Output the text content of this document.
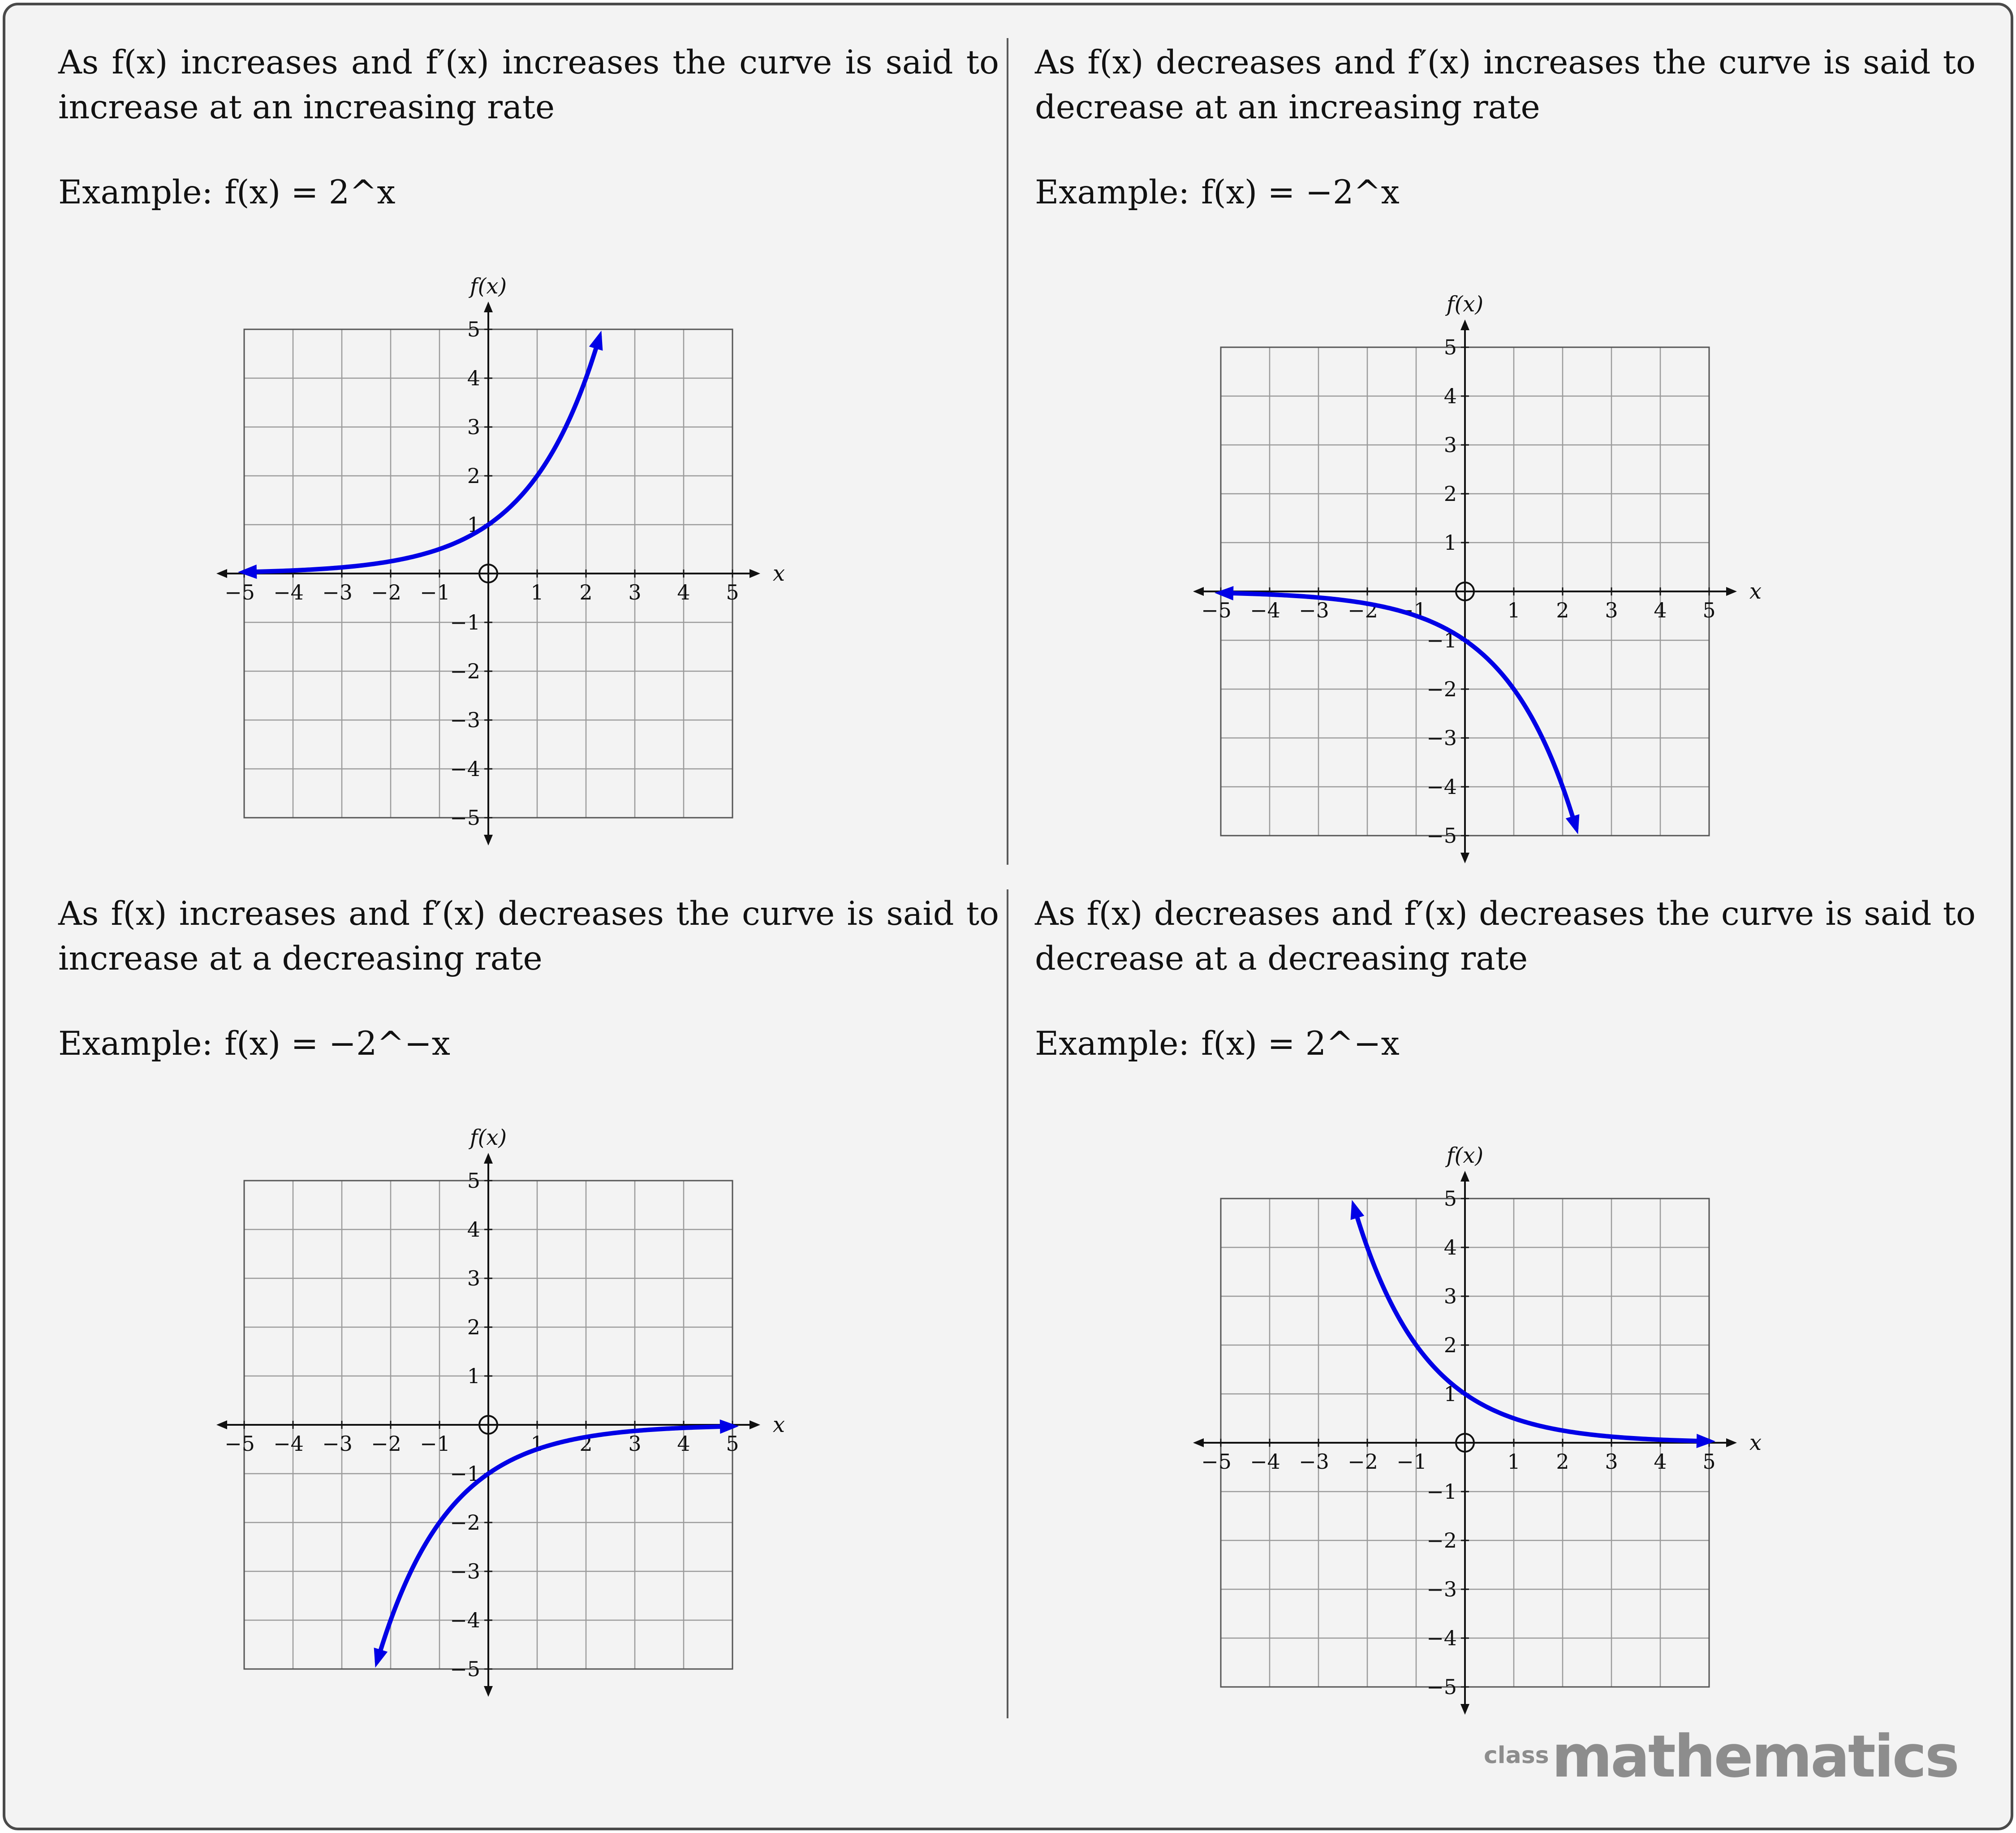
As f(x) increases and f′(x) increases the curve is said to increase at an increasing rate
Example: f(x) = 2^x
−5 −4 −3 −2 −1	1 2 3 4 5
5
4
3
2
1
−1
−2
−3
−4
−5
x
f(x)
As f(x) decreases and f′(x) increases the curve is said to decrease at an increasing rate
Example: f(x) = −2^x
−5 −4 −3 −2 −1	1 2 3 4 5
5
4
3
2
1
−1
−2
−3
−4
−5
x
f(x)
As f(x) increases and f′(x) decreases the curve is said to increase at a decreasing rate
Example: f(x) = −2^−x
−5 −4 −3 −2 −1	1 2 3 4 5
5
4
3
2
1
−1
−2
−3
−4
−5
x
f(x)
As f(x) decreases and f′(x) decreases the curve is said to decrease at a decreasing rate
Example: f(x) = 2^−x
−5 −4 −3 −2 −1	1 2 3 4 5
5
4
3
2
1
−1
−2
−3
−4
−5
x
f(x)
classmathematics
